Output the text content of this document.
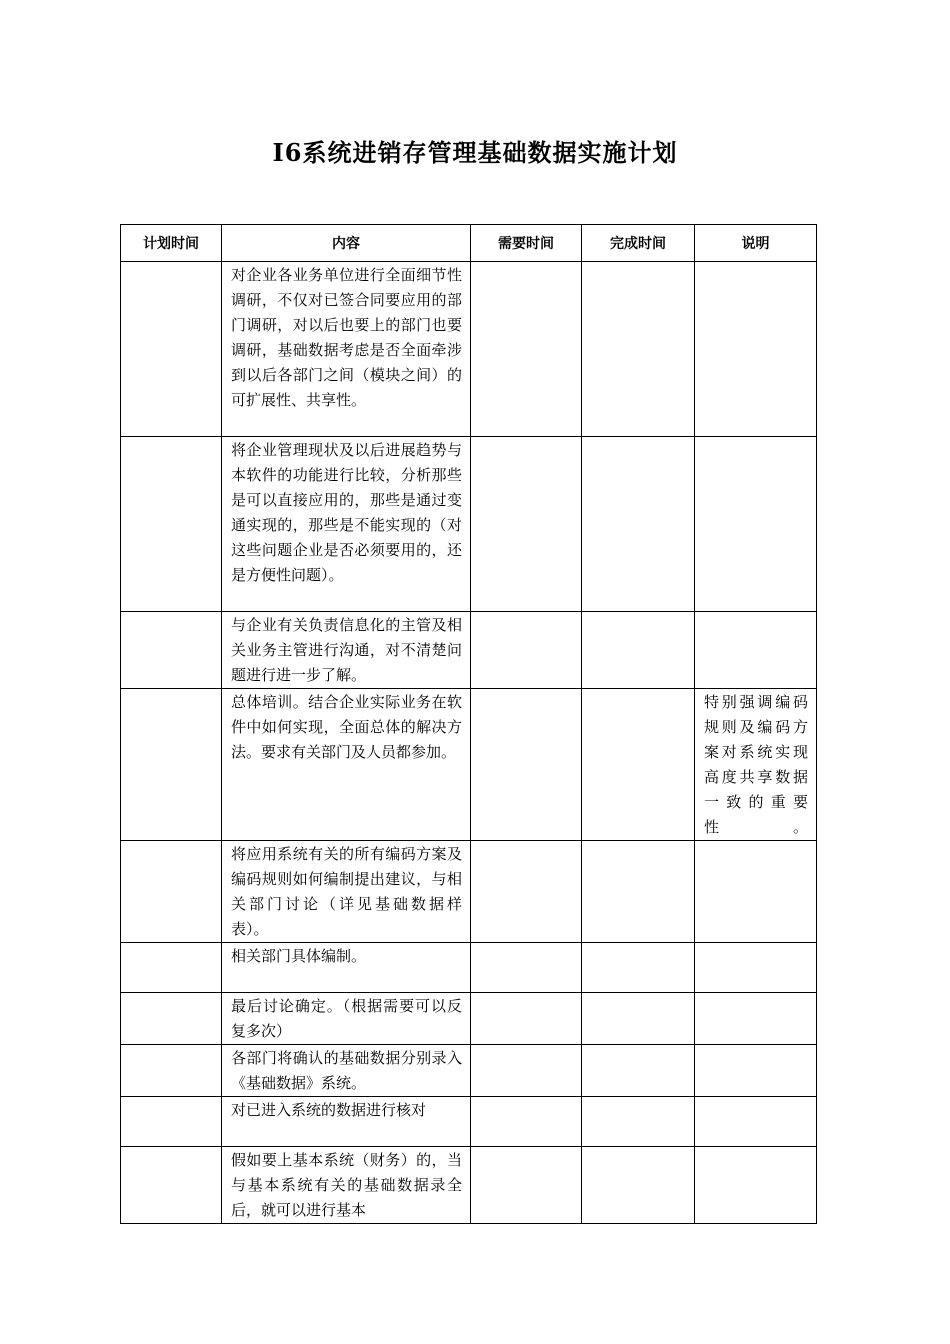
I6系统进销存管理基础数据实施计划
计划时间	内容	需要时间	完成时间	说明

	对企业各业务单位进行全面细节性调研，不仅对已签合同要应用的部门调研，对以后也要上的部门也要调研，基础数据考虑是否全面牵涉到以后各部门之间（模块之间）的可扩展性、共享性。			

	将企业管理现状及以后进展趋势与本软件的功能进行比较，分析那些是可以直接应用的，那些是通过变通实现的，那些是不能实现的（对这些问题企业是否必须要用的，还是方便性问题）。			

	与企业有关负责信息化的主管及相关业务主管进行沟通，对不清楚问题进行进一步了解。			

	总体培训。结合企业实际业务在软件中如何实现，全面总体的解决方法。要求有关部门及人员都参加。			特别强调编码规则及编码方案对系统实现高度共享数据一致的重要性。

	将应用系统有关的所有编码方案及编码规则如何编制提出建议，与相关部门讨论（详见基础数据样表）。			

	相关部门具体编制。			

	最后讨论确定。（根据需要可以反复多次）			

	各部门将确认的基础数据分别录入《基础数据》系统。			

	对已进入系统的数据进行核对			

	假如要上基本系统（财务）的，当与基本系统有关的基础数据录全后，就可以进行基本			
